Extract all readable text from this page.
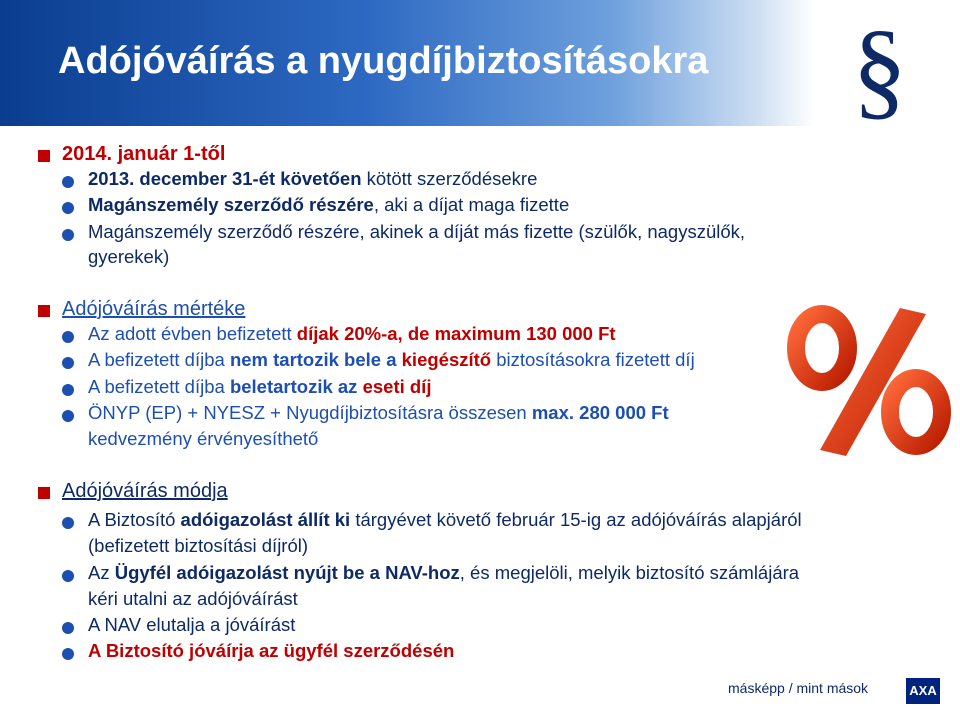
Adójóváírás a nyugdíjbiztosításokra §
2014. január 1-től
2013. december 31-ét követően kötött szerződésekre
Magánszemély szerződő részére, aki a díjat maga fizette
Magánszemély szerződő részére, akinek a díját más fizette (szülők, nagyszülők,
gyerekek)
Adójóváírás mértéke
Az adott évben befizetett díjak 20%-a, de maximum 130 000 Ft
A befizetett díjba nem tartozik bele a kiegészítő biztosításokra fizetett díj
A befizetett díjba beletartozik az eseti díj
ÖNYP (EP) + NYESZ + Nyugdíjbiztosításra összesen max. 280 000 Ft
kedvezmény érvényesíthető
Adójóváírás módja
A Biztosító adóigazolást állít ki tárgyévet követő február 15-ig az adójóváírás alapjáról
(befizetett biztosítási díjról)
Az Ügyfél adóigazolást nyújt be a NAV-hoz, és megjelöli, melyik biztosító számlájára
kéri utalni az adójóváírást
A NAV elutalja a jóváírást
A Biztosító jóváírja az ügyfél szerződésén
másképp / mint mások	AXA
